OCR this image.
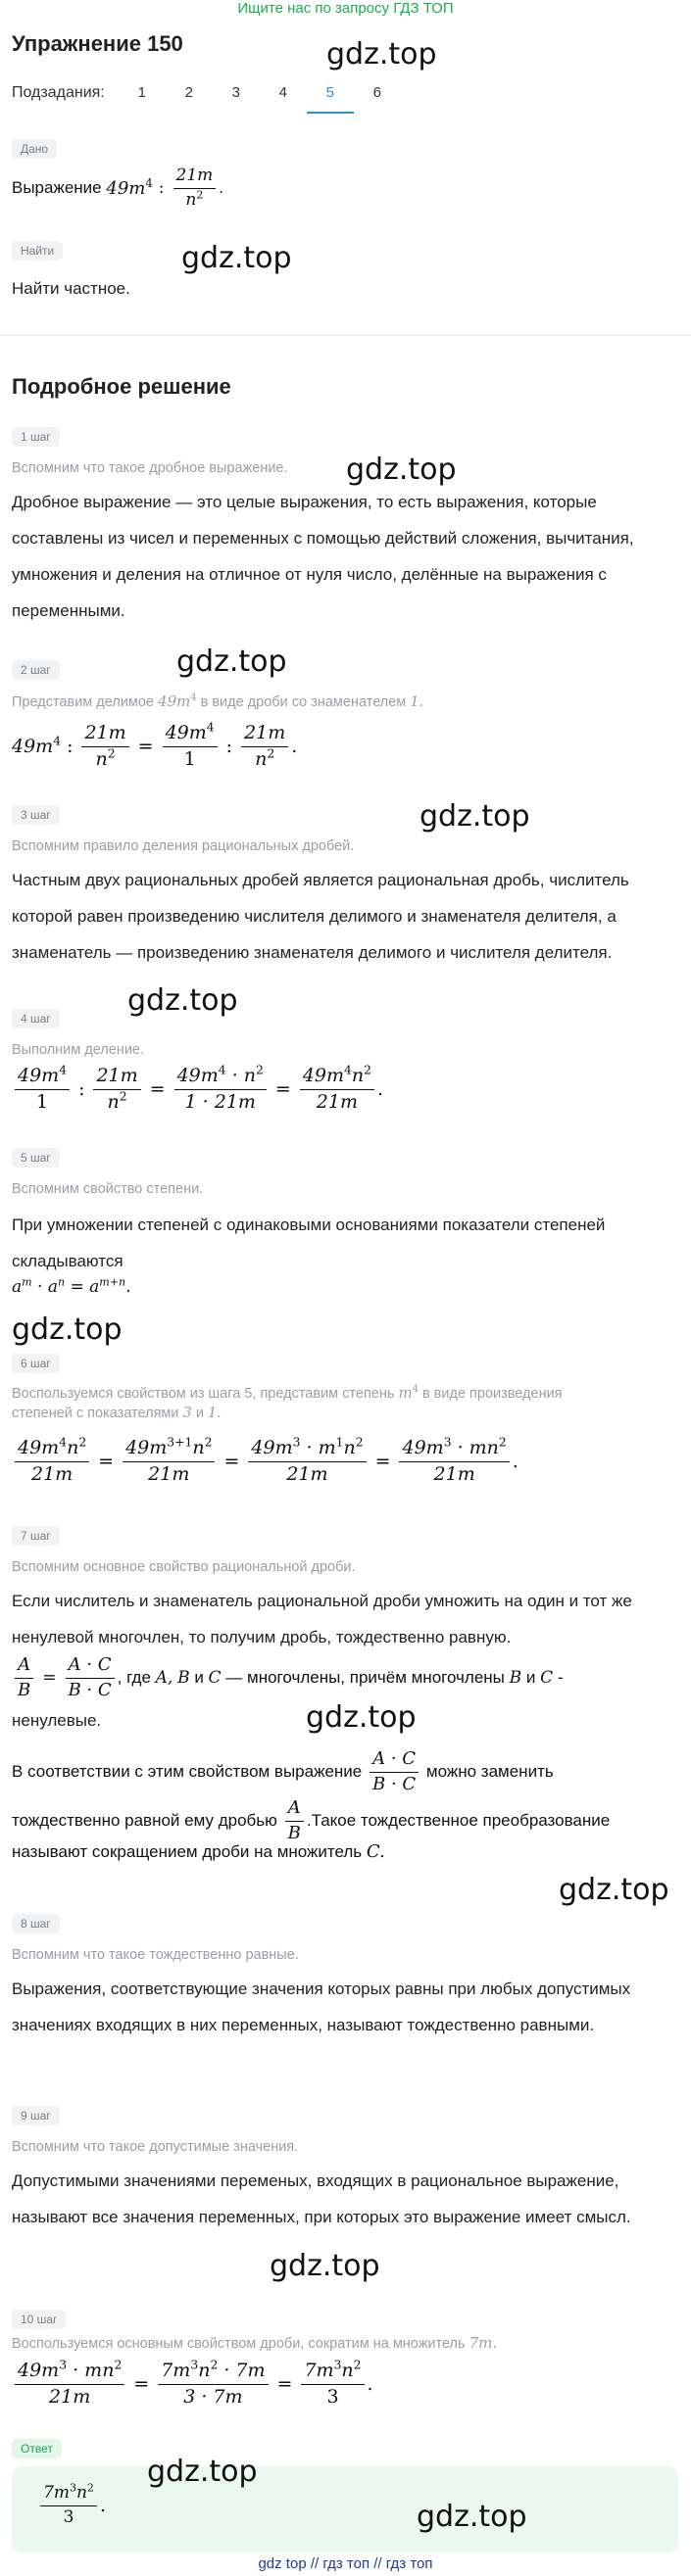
Ищите нас по запросу ГДЗ ТОП
Упражнение 150
Подзадания:	1	2	3	4	5	6
Дано
Выражение
$49m^4$ : $\frac{21m}{n^2}$ .
Найти
Найти частное.
Подробное решение
1 шаг
Вспомним что такое дробное выражение.
Дробное выражение — это целые выражения, то есть выражения, которые составлены из чисел и переменных с помощью действий сложения, вычитания, умножения и деления на отличное от нуля число, делённые на выражения с переменными.
2 шаг
Представим делимое $49m^4$ в виде дроби со знаменателем 1.
$49m^4$ : $\frac{21m}{n^2} = \frac{49m^4}{1}$ : $\frac{21m}{n^2}$ .
3 шаг
Вспомним правило деления рациональных дробей.
Частным двух рациональных дробей является рациональная дробь, числитель которой равен произведению числителя делимого и знаменателя делителя, а знаменатель — произведению знаменателя делимого и числителя делителя.
4 шаг
Выполним деление.
$\frac{49m^4}{1}$ : $\frac{21m}{n^2} = \frac{49m^4 \cdot n^2}{1 \cdot 21m} = \frac{49m^4n^2}{21m}$ .
5 шаг
Вспомним свойство степени.
При умножении степеней с одинаковыми основаниями показатели степеней складываются
$a^m \cdot a^n = a^{m+n}$ .
6 шаг
Воспользуемся свойством из шага 5, представим степень $m^4$ в виде произведения
степеней с показателями 3 и 1.
$\frac{49m^4n^2}{21m} = \frac{49m^{3+1}n^2}{21m} = \frac{49m^3 \cdot m^1n^2}{21m} = \frac{49m^3 \cdot mn^2}{21m}$ .
7 шаг
Вспомним основное свойство рациональной дроби.
Если числитель и знаменатель рациональной дроби умножить на один и тот же ненулевой многочлен, то получим дробь, тождественно равную.
$\frac{A}{B} = \frac{A \cdot C}{B \cdot C}$ , где
A,
B
и
C
— многочлены, причём многочлены
B
и
C
-
ненулевые.
В соответствии с этим свойством выражение
$\frac{A \cdot C}{B \cdot C}$
можно заменить
тождественно равной ему дробью
$\frac{A}{B}$ . Такое тождественное преобразование
называют сокращением дроби на множитель
C.
8 шаг
Вспомним что такое тождественно равные.
Выражения, соответствующие значения которых равны при любых допустимых значениях входящих в них переменных, называют тождественно равными.
9 шаг
Вспомним что такое допустимые значения.
Допустимыми значениями переменых, входящих в рациональное выражение, называют все значения переменных, при которых это выражение имеет смысл.
10 шаг
Воспользуемся основным свойством дроби, сократим на множитель 7m.
$\frac{49m^3 \cdot mn^2}{21m} = \frac{7m^3n^2 \cdot 7m}{3 \cdot 7m} = \frac{7m^3n^2}{3}$ .
Ответ
$\frac{7m^3n^2}{3}$ .
gdz.top
gdz.top
gdz.top
gdz.top
gdz.top
gdz.top
gdz.top
gdz.top
gdz.top
gdz.top
gdz.top
gdz.top
gdz top // гдз топ // гдз топ
